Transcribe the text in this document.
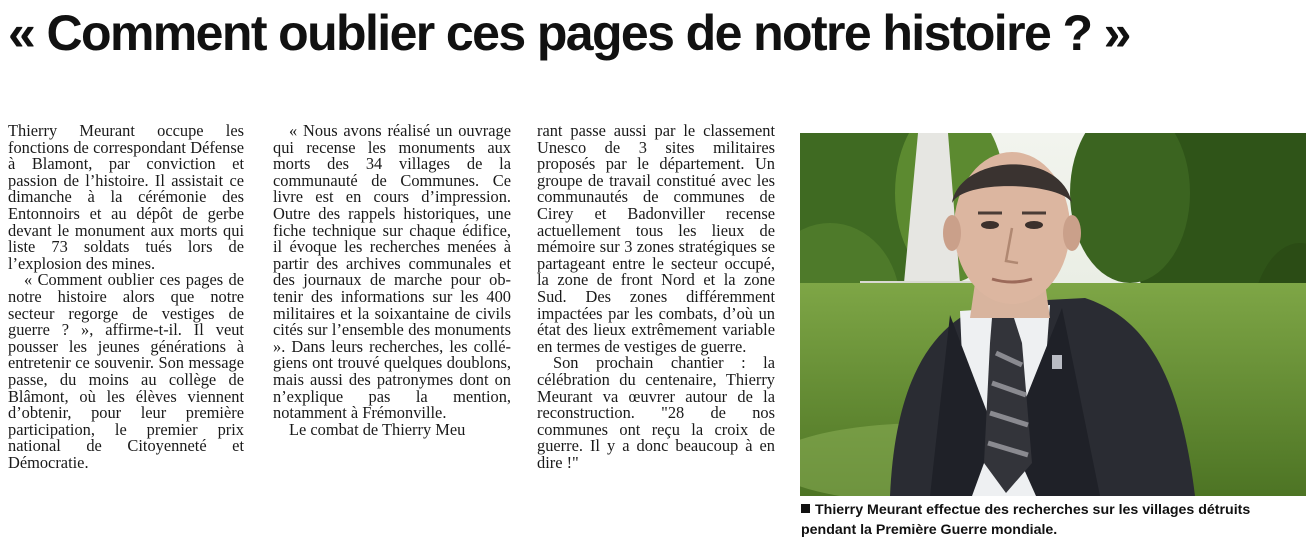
« Comment oublier ces pages de notre histoire ? »

Thierry Meurant occupe les fonctions de correspondant Défense à Blamont, par conviction et passion de l’histoire. Il assistait ce dimanche à la cérémonie des Entonnoirs et au dépôt de gerbe devant le monument aux morts qui liste 73 soldats tués lors de l’explosion des mines.

« Comment oublier ces pages de notre histoire alors que notre secteur regorge de vestiges de guerre ? », affirme-t-il. Il veut pousser les jeunes générations à entretenir ce souvenir. Son message passe, du moins au collège de Blâmont, où les élèves viennent d’obtenir, pour leur première participation, le premier prix national de Citoyenneté et Démocratie.

« Nous avons réalisé un ouvrage qui recense les monuments aux morts des 34 villages de la communauté de Communes. Ce livre est en cours d’impression. Outre des rappels historiques, une fiche technique sur chaque édifice, il évoque les recherches menées à partir des archives communales et des journaux de marche pour obtenir des informations sur les 400 militaires et la soixantaine de civils cités sur l’ensemble des monuments ». Dans leurs recherches, les collégiens ont trouvé quelques doublons, mais aussi des patronymes dont on n’explique pas la mention, notamment à Frémonville.

Le combat de Thierry Meu

rant passe aussi par le classement Unesco de 3 sites militaires proposés par le département. Un groupe de travail constitué avec les communautés de communes de Cirey et Badonviller recense actuellement tous les lieux de mémoire sur 3 zones stratégiques se partageant entre le secteur occupé, la zone de front Nord et la zone Sud. Des zones différemment impactées par les combats, d’où un état des lieux extrêmement variable en termes de vestiges de guerre.

Son prochain chantier : la célébration du centenaire, Thierry Meurant va œuvrer autour de la reconstruction. "28 de nos communes ont reçu la croix de guerre. Il y a donc beaucoup à en dire !"

Thierry Meurant effectue des recherches sur les villages détruits pendant la Première Guerre mondiale.
